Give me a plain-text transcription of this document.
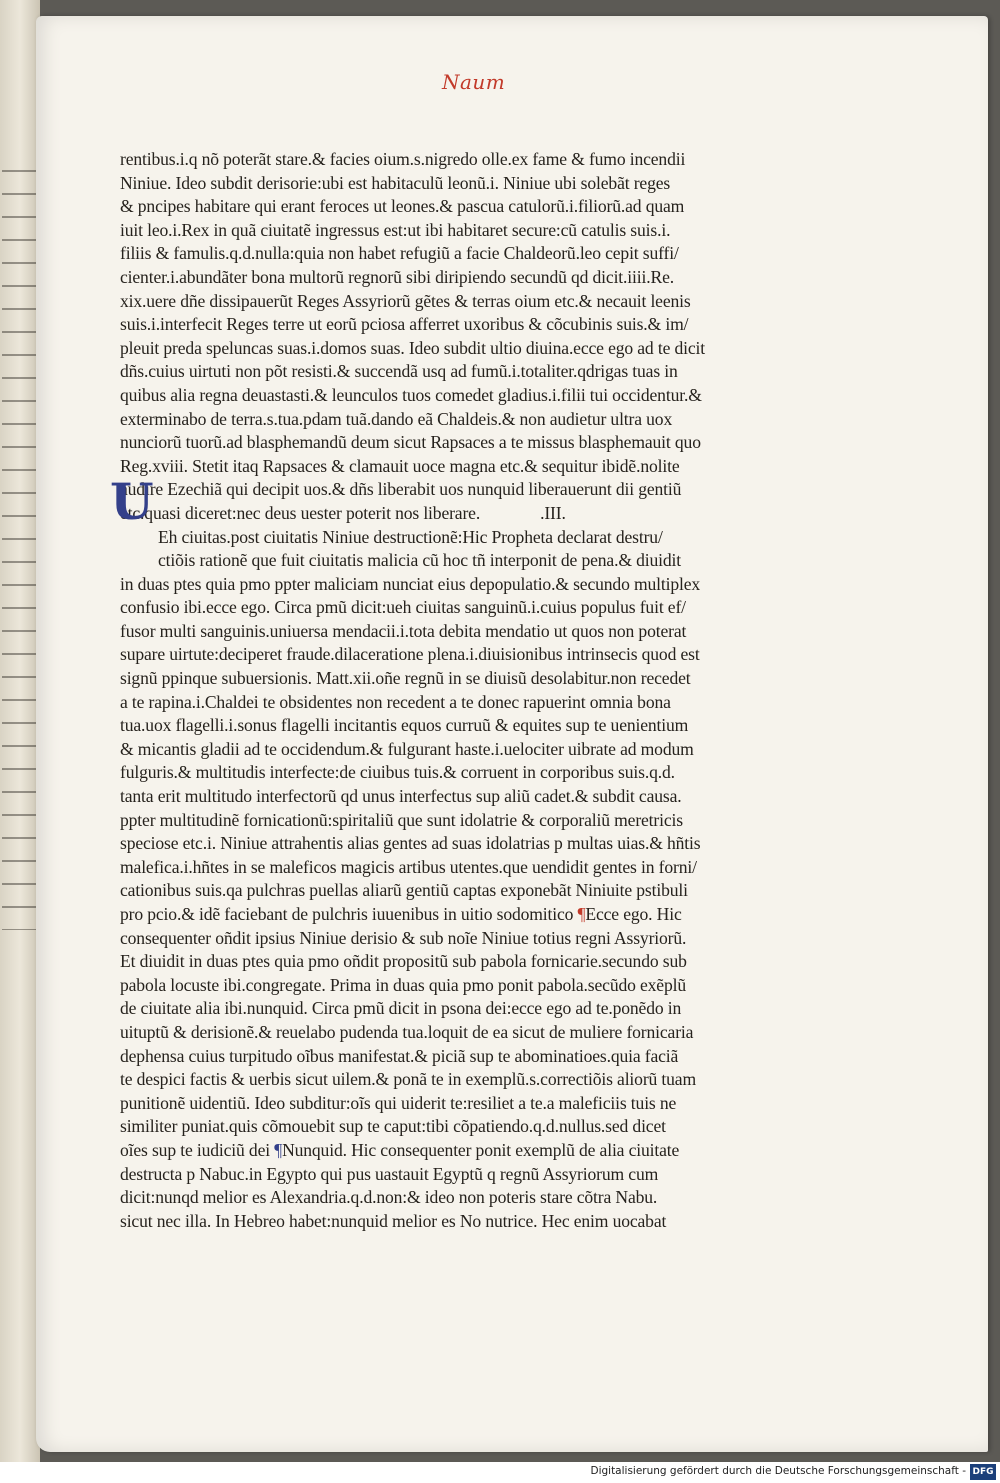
Naum
rentibus.i.q nõ poterãt stare.& facies oium.s.nigredo olle.ex fame & fumo incendii
Niniue. Ideo subdit derisorie:ubi est habitaculũ leonũ.i. Niniue ubi solebãt reges
& pncipes habitare qui erant feroces ut leones.& pascua catulorũ.i.filiorũ.ad quam
iuit leo.i.Rex in quã ciuitatẽ ingressus est:ut ibi habitaret secure:cũ catulis suis.i.
filiis & famulis.q.d.nulla:quia non habet refugiũ a facie Chaldeorũ.leo cepit suffi/
cienter.i.abundãter bona multorũ regnorũ sibi diripiendo secundũ qd dicit.iiii.Re.
xix.uere dñe dissipauerũt Reges Assyriorũ gẽtes & terras oium etc.& necauit leenis
suis.i.interfecit Reges terre ut eorũ pciosa afferret uxoribus & cõcubinis suis.& im/
pleuit preda speluncas suas.i.domos suas. Ideo subdit ultio diuina.ecce ego ad te dicit
dñs.cuius uirtuti non põt resisti.& succendã usq ad fumũ.i.totaliter.qdrigas tuas in
quibus alia regna deuastasti.& leunculos tuos comedet gladius.i.filii tui occidentur.&
exterminabo de terra.s.tua.pdam tuã.dando eã Chaldeis.& non audietur ultra uox
nunciorũ tuorũ.ad blasphemandũ deum sicut Rapsaces a te missus blasphemauit quo
Reg.xviii. Stetit itaq Rapsaces & clamauit uoce magna etc.& sequitur ibidẽ.nolite
audire Ezechiã qui decipit uos.& dñs liberabit uos nunquid liberauerunt dii gentiũ
etc.quasi diceret:nec deus uester poterit nos liberare.	.III.
Eh ciuitas.post ciuitatis Niniue destructionẽ:Hic Propheta declarat destru/
ctiõis rationẽ que fuit ciuitatis malicia cũ hoc tñ interponit de pena.& diuidit
in duas ptes quia pmo ppter maliciam nunciat eius depopulatio.& secundo multiplex
confusio ibi.ecce ego. Circa pmũ dicit:ueh ciuitas sanguinũ.i.cuius populus fuit ef/
fusor multi sanguinis.uniuersa mendacii.i.tota debita mendatio ut quos non poterat
supare uirtute:deciperet fraude.dilaceratione plena.i.diuisionibus intrinsecis quod est
signũ ppinque subuersionis. Matt.xii.oñe regnũ in se diuisũ desolabitur.non recedet
a te rapina.i.Chaldei te obsidentes non recedent a te donec rapuerint omnia bona
tua.uox flagelli.i.sonus flagelli incitantis equos curruũ & equites sup te uenientium
& micantis gladii ad te occidendum.& fulgurant haste.i.uelociter uibrate ad modum
fulguris.& multitudis interfecte:de ciuibus tuis.& corruent in corporibus suis.q.d.
tanta erit multitudo interfectorũ qd unus interfectus sup aliũ cadet.& subdit causa.
ppter multitudinẽ fornicationũ:spiritaliũ que sunt idolatrie & corporaliũ meretricis
speciose etc.i. Niniue attrahentis alias gentes ad suas idolatrias p multas uias.& hñtis
malefica.i.hñtes in se maleficos magicis artibus utentes.que uendidit gentes in forni/
cationibus suis.qa pulchras puellas aliarũ gentiũ captas exponebãt Niniuite pstibuli
pro pcio.& idẽ faciebant de pulchris iuuenibus in uitio sodomitico ¶Ecce ego. Hic
consequenter oñdit ipsius Niniue derisio & sub noĩe Niniue totius regni Assyriorũ.
Et diuidit in duas ptes quia pmo oñdit propositũ sub pabola fornicarie.secundo sub
pabola locuste ibi.congregate. Prima in duas quia pmo ponit pabola.secũdo exẽplũ
de ciuitate alia ibi.nunquid. Circa pmũ dicit in psona dei:ecce ego ad te.ponẽdo in
uituptũ & derisionẽ.& reuelabo pudenda tua.loquit de ea sicut de muliere fornicaria
dephensa cuius turpitudo oĩbus manifestat.& piciã sup te abominatioes.quia faciã
te despici factis & uerbis sicut uilem.& ponã te in exemplũ.s.correctiõis aliorũ tuam
punitionẽ uidentiũ. Ideo subditur:oĩs qui uiderit te:resiliet a te.a maleficiis tuis ne
similiter puniat.quis cõmouebit sup te caput:tibi cõpatiendo.q.d.nullus.sed dicet
oĩes sup te iudiciũ dei ¶Nunquid. Hic consequenter ponit exemplũ de alia ciuitate
destructa p Nabuc.in Egypto qui pus uastauit Egyptũ q regnũ Assyriorum cum
dicit:nunqd melior es Alexandria.q.d.non:& ideo non poteris stare cõtra Nabu.
sicut nec illa. In Hebreo habet:nunquid melior es No nutrice. Hec enim uocabat
U
Digitalisierung gefördert durch die Deutsche Forschungsgemeinschaft - DFG
